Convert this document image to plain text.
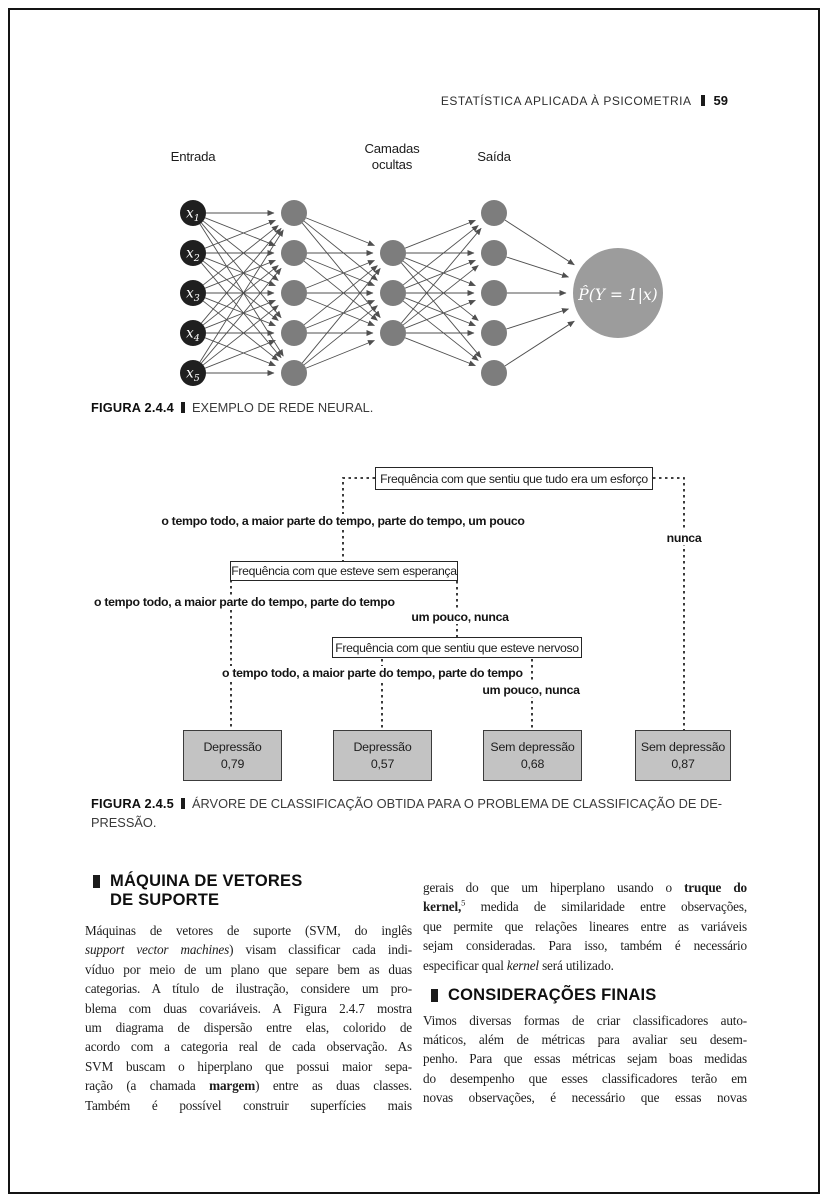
ESTATÍSTICA APLICADA À PSICOMETRIA 59
$x_1$
$x_2$
$x_3$
$x_4$
$x_5$
Entrada
Camadas
ocultas
Saída
P̂(Y = 1|x)
FIGURA 2.4.4 EXEMPLO DE REDE NEURAL.
Frequência com que sentiu que tudo era um esforço
Frequência com que esteve sem esperança
Frequência com que sentiu que esteve nervoso
o tempo todo, a maior parte do tempo, parte do tempo, um pouco
nunca
o tempo todo, a maior parte do tempo, parte do tempo
um pouco, nunca
o tempo todo, a maior parte do tempo, parte do tempo
um pouco, nunca
Depressão
0,79
Depressão
0,57
Sem depressão
0,68
Sem depressão
0,87
FIGURA 2.4.5 ÁRVORE DE CLASSIFICAÇÃO OBTIDA PARA O PROBLEMA DE CLASSIFICAÇÃO DE DE-
PRESSÃO.
MÁQUINA DE VETORES
DE SUPORTE
Máquinas de vetores de suporte (SVM, do inglês
support vector machines) visam classificar cada indi-
víduo por meio de um plano que separe bem as duas
categorias. A título de ilustração, considere um pro-
blema com duas covariáveis. A Figura 2.4.7 mostra
um diagrama de dispersão entre elas, colorido de
acordo com a categoria real de cada observação. As
SVM buscam o hiperplano que possui maior sepa-
ração (a chamada margem) entre as duas classes.
Também é possível construir superfícies mais
gerais do que um hiperplano usando o truque do
kernel,$^5$ medida de similaridade entre observações,
que permite que relações lineares entre as variáveis
sejam consideradas. Para isso, também é necessário
especificar qual kernel será utilizado.
CONSIDERAÇÕES FINAIS
Vimos diversas formas de criar classificadores auto-
máticos, além de métricas para avaliar seu desem-
penho. Para que essas métricas sejam boas medidas
do desempenho que esses classificadores terão em
novas observações, é necessário que essas novas
